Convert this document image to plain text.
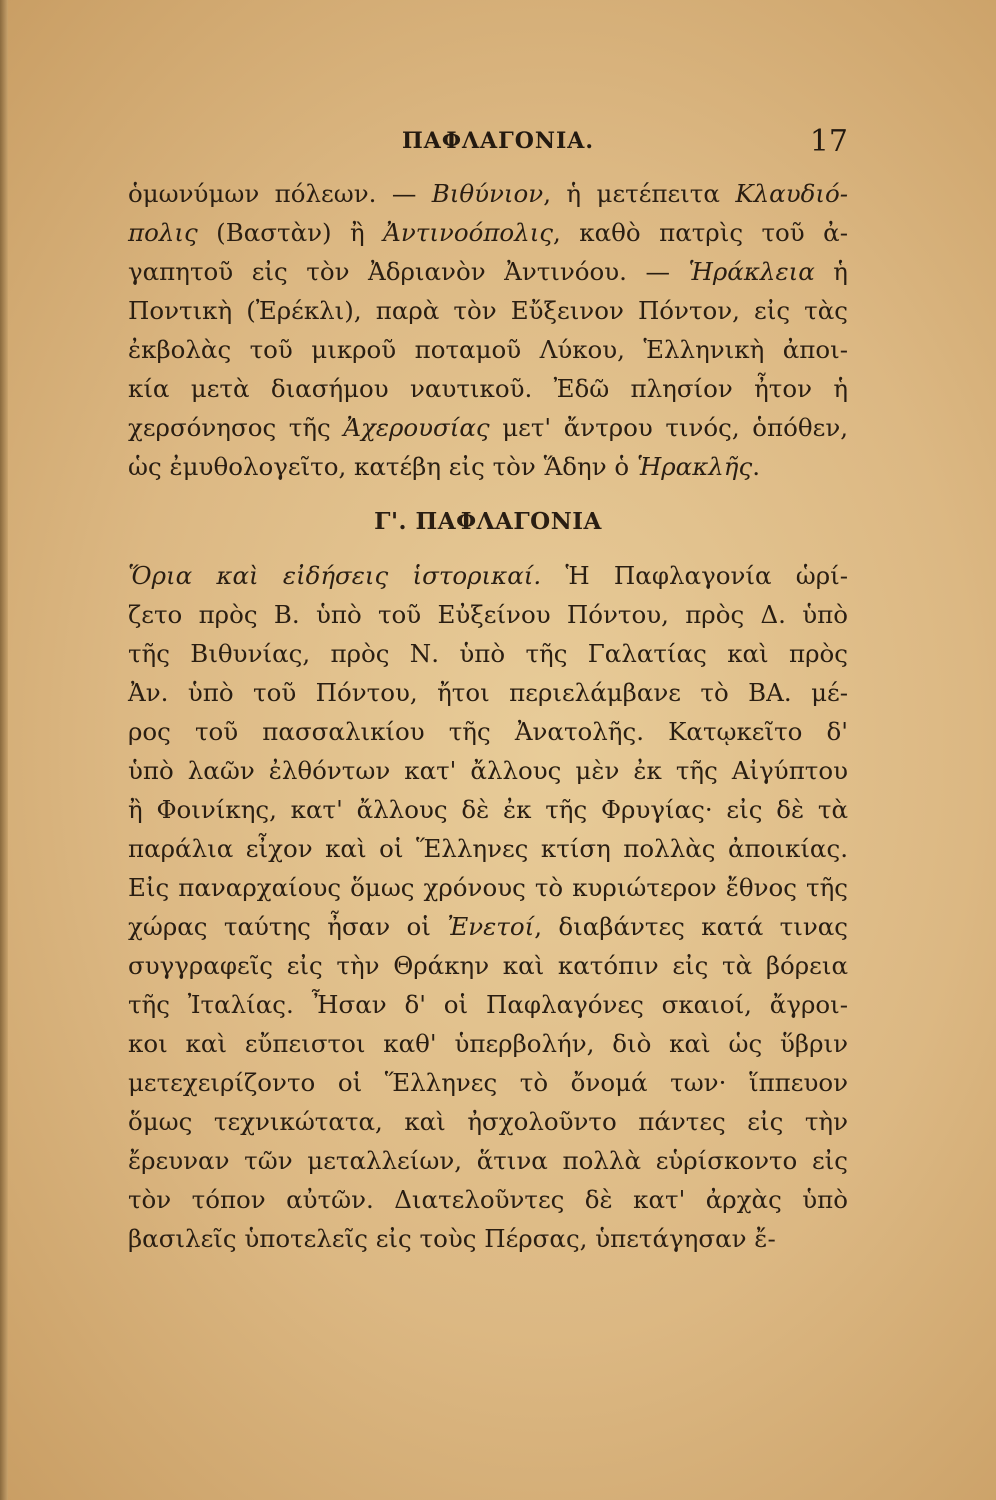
ΠΑΦΛΑΓΟΝΙΑ.	17
ὁμωνύμων πόλεων. — Βιθύνιον, ἡ μετέπειτα Κλαυδιό-
πολις (Βαστὰν) ἢ Ἀντινοόπολις, καθὸ πατρὶς τοῦ ἀ-
γαπητοῦ εἰς τὸν Ἀδριανὸν Ἀντινόου. — Ἡράκλεια ἡ
Ποντικὴ (Ἐρέκλι), παρὰ τὸν Εὔξεινον Πόντον, εἰς τὰς
ἐκβολὰς τοῦ μικροῦ ποταμοῦ Λύκου, Ἑλληνικὴ ἀποι-
κία μετὰ διασήμου ναυτικοῦ. Ἐδῶ πλησίον ἦτον ἡ
χερσόνησος τῆς Ἀχερουσίας μετ' ἄντρου τινός, ὁπόθεν,
ὡς ἐμυθολογεῖτο, κατέβη εἰς τὸν Ἅδην ὁ Ἡρακλῆς.
Γ'. ΠΑΦΛΑΓΟΝΙΑ
Ὅρια καὶ εἰδήσεις ἱστορικαί. Ἡ Παφλαγονία ὡρί-
ζετο πρὸς Β. ὑπὸ τοῦ Εὐξείνου Πόντου, πρὸς Δ. ὑπὸ
τῆς Βιθυνίας, πρὸς Ν. ὑπὸ τῆς Γαλατίας καὶ πρὸς
Ἀν. ὑπὸ τοῦ Πόντου, ἤτοι περιελάμβανε τὸ ΒΑ. μέ-
ρος τοῦ πασσαλικίου τῆς Ἀνατολῆς. Κατῳκεῖτο δ'
ὑπὸ λαῶν ἐλθόντων κατ' ἄλλους μὲν ἐκ τῆς Αἰγύπτου
ἢ Φοινίκης, κατ' ἄλλους δὲ ἐκ τῆς Φρυγίας· εἰς δὲ τὰ
παράλια εἶχον καὶ οἱ Ἕλληνες κτίση πολλὰς ἀποικίας.
Εἰς παναρχαίους ὅμως χρόνους τὸ κυριώτερον ἔθνος τῆς
χώρας ταύτης ἦσαν οἱ Ἐνετοί, διαβάντες κατά τινας
συγγραφεῖς εἰς τὴν Θράκην καὶ κατόπιν εἰς τὰ βόρεια
τῆς Ἰταλίας. Ἦσαν δ' οἱ Παφλαγόνες σκαιοί, ἄγροι-
κοι καὶ εὔπειστοι καθ' ὑπερβολήν, διὸ καὶ ὡς ὕβριν
μετεχειρίζοντο οἱ Ἕλληνες τὸ ὄνομά των· ἵππευον
ὅμως τεχνικώτατα, καὶ ἠσχολοῦντο πάντες εἰς τὴν
ἔρευναν τῶν μεταλλείων, ἅτινα πολλὰ εὑρίσκοντο εἰς
τὸν τόπον αὐτῶν. Διατελοῦντες δὲ κατ' ἀρχὰς ὑπὸ
βασιλεῖς ὑποτελεῖς εἰς τοὺς Πέρσας, ὑπετάγησαν ἔ-
